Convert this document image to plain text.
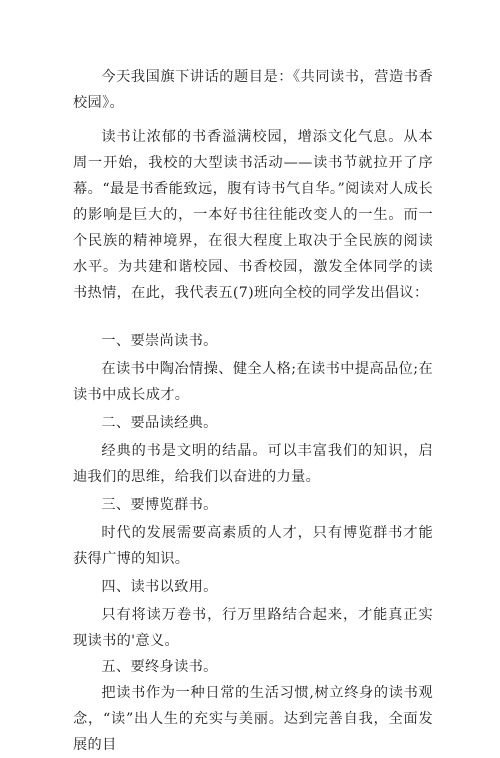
今天我国旗下讲话的题目是：《共同读书，营造书香校园》。

读书让浓郁的书香溢满校园，增添文化气息。从本周一开始，我校的大型读书活动——读书节就拉开了序幕。“最是书香能致远，腹有诗书气自华。”阅读对人成长的影响是巨大的，一本好书往往能改变人的一生。而一个民族的精神境界，在很大程度上取决于全民族的阅读水平。为共建和谐校园、书香校园，激发全体同学的读书热情，在此，我代表五(7)班向全校的同学发出倡议：

一、要崇尚读书。

在读书中陶冶情操、健全人格;在读书中提高品位;在读书中成长成才。

二、要品读经典。

经典的书是文明的结晶。可以丰富我们的知识，启迪我们的思维，给我们以奋进的力量。

三、要博览群书。

时代的发展需要高素质的人才，只有博览群书才能获得广博的知识。

四、读书以致用。

只有将读万卷书，行万里路结合起来，才能真正实现读书的'意义。

五、要终身读书。

把读书作为一种日常的生活习惯,树立终身的读书观念，“读”出人生的充实与美丽。达到完善自我，全面发展的目
